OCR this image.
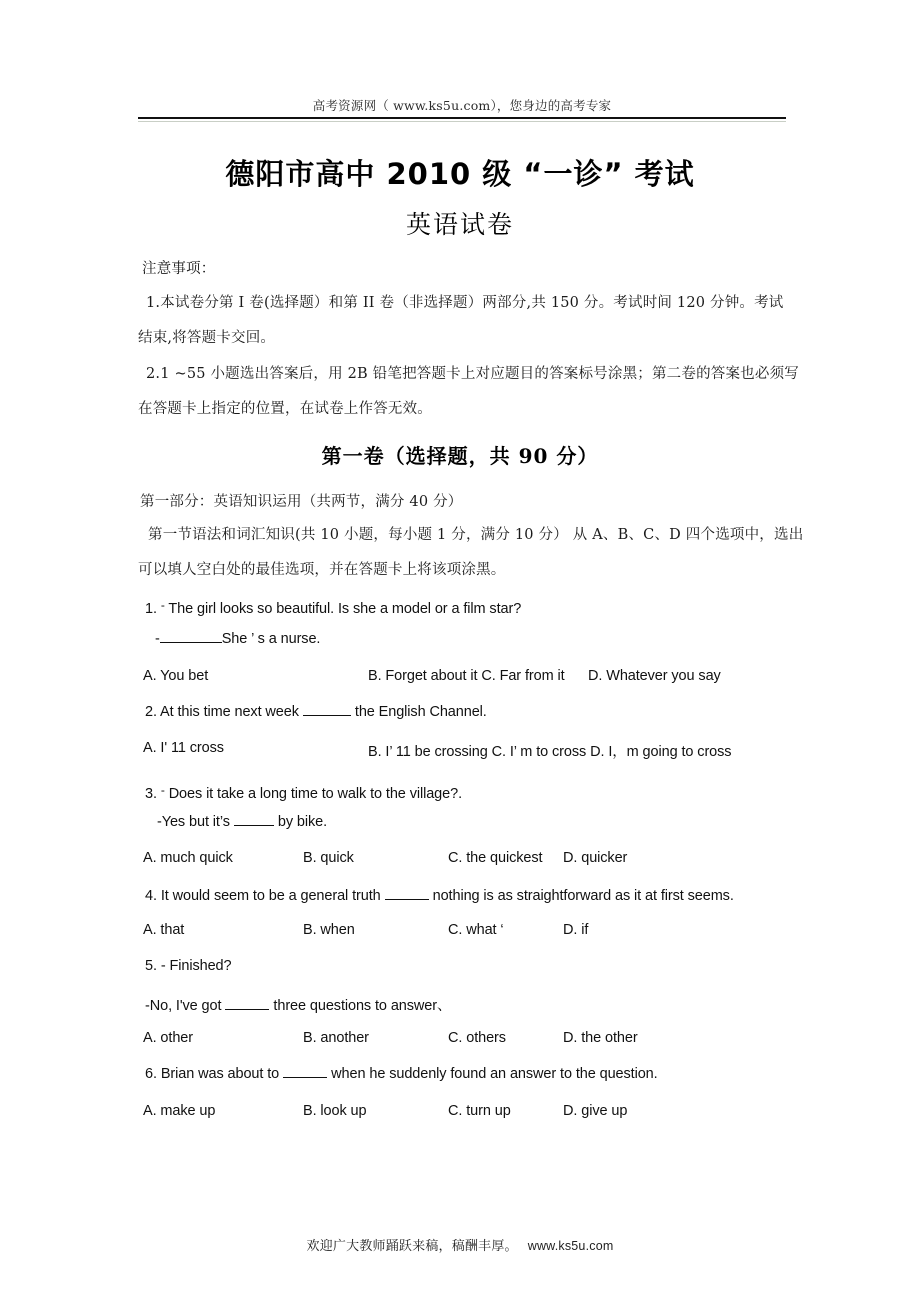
高考资源网（ www.ks5u.com），您身边的高考专家
德阳市高中 2010 级 “一诊” 考试
英语试卷
注意事项：
1.本试卷分第 I 卷(选择题）和第 II 卷（非选择题）两部分,共 150 分。考试时间 120 分钟。考试结束,将答题卡交回。
2.1 ~55 小题选出答案后，用 2B 铅笔把答题卡上对应题目的答案标号涂黑；第二卷的答案也必须写在答题卡上指定的位置，在试卷上作答无效。
第一卷（选择题，共 90 分）
第一部分：英语知识运用（共两节，满分 40 分）
第一节语法和词汇知识(共 10 小题，每小题 1 分，满分 10 分） 从 A、B、C、D 四个选项中，选出可以填人空白处的最佳选项，并在答题卡上将该项涂黑。
1. - The girl looks so beautiful. Is she a model or a film star?
-	She ’ s a nurse.
A. You bet	B. Forget about it C. Far from it D. Whatever you say
2. At this time next week	the English Channel.
A. I' 11 cross	B. I’ 11 be crossing C. I’ m to cross D. I，m going to cross
3. - Does it take a long time to walk to the village?.
-Yes but it’s	by bike.
A. much quick	B. quick	C. the quickest D. quicker
4. It would seem to be a general truth	nothing is as straightforward as it at first seems.
A. that	B. when	C. what ‘	D. if
5. - Finished?
-No, I've got	three questions to answer、
A. other	B. another	C. others	D. the other
6. Brian was about to	when he suddenly found an answer to the question.
A. make up	B. look up	C. turn up	D. give up
欢迎广大教师踊跃来稿，稿酬丰厚。 www.ks5u.com
